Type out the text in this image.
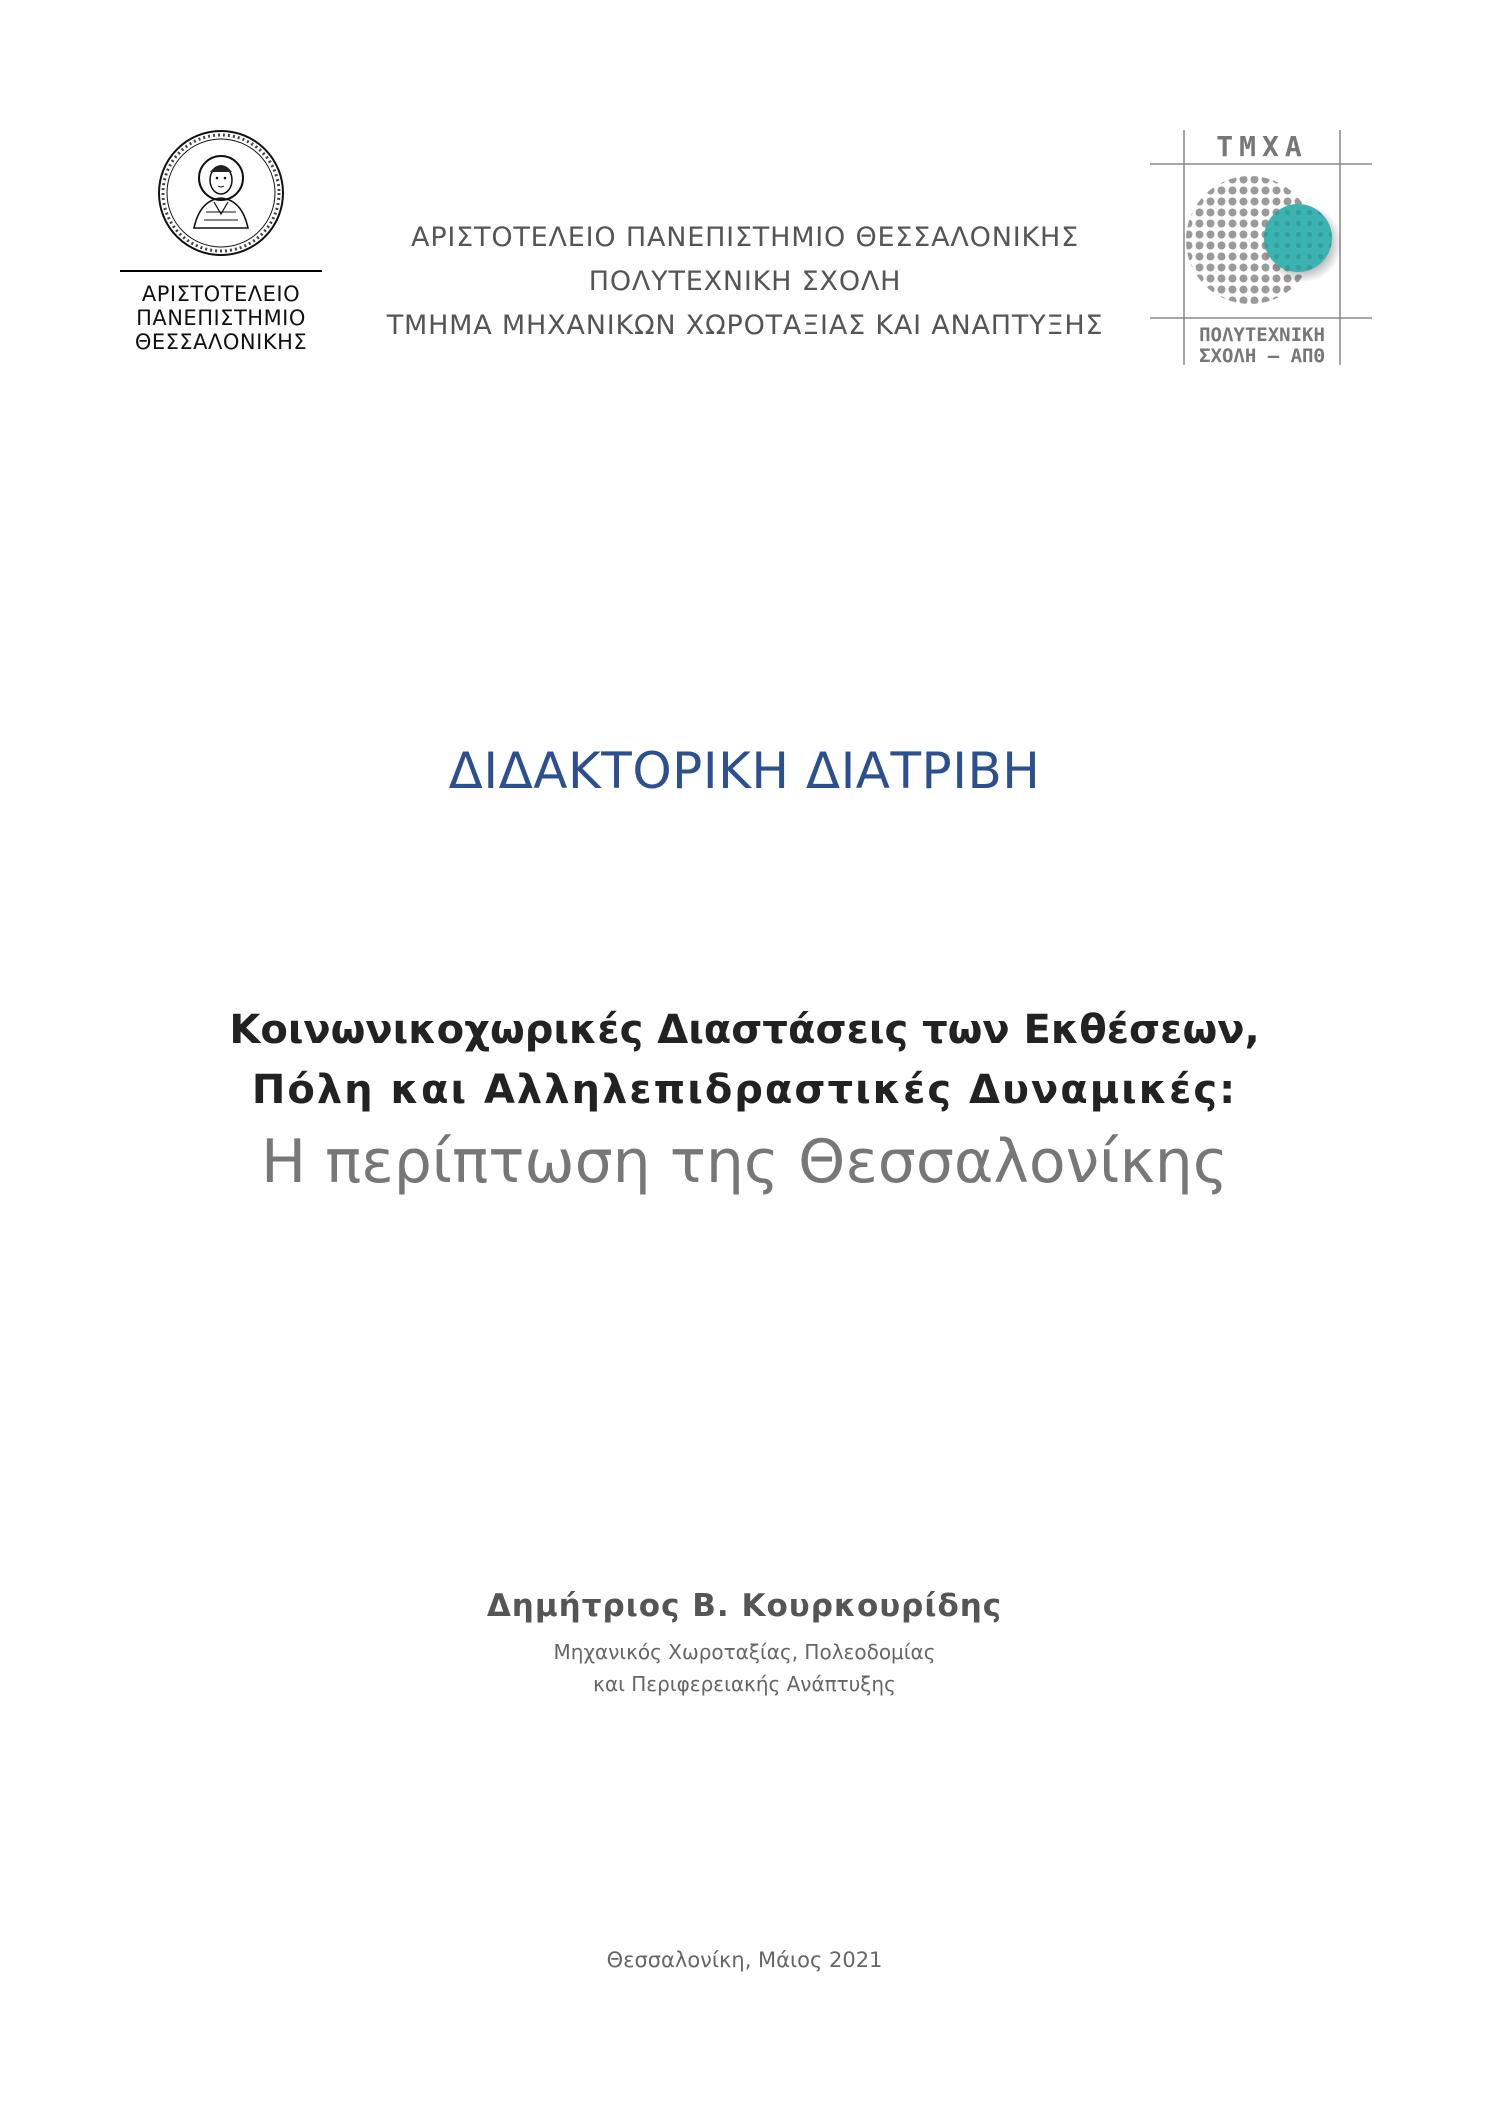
ΑΡΙΣΤΟΤΕΛΕΙΟ
ΠΑΝΕΠΙΣΤΗΜΙΟ
ΘΕΣΣΑΛΟΝΙΚΗΣ
ΑΡΙΣΤΟΤΕΛΕΙΟ ΠΑΝΕΠΙΣΤΗΜΙΟ ΘΕΣΣΑΛΟΝΙΚΗΣ
ΠΟΛΥΤΕΧΝΙΚΗ ΣΧΟΛΗ
ΤΜΗΜΑ ΜΗΧΑΝΙΚΩΝ ΧΩΡΟΤΑΞΙΑΣ ΚΑΙ ΑΝΑΠΤΥΞΗΣ
ΤΜΧΑ
ΠΟΛΥΤΕΧΝΙΚΗ
ΣΧΟΛΗ – ΑΠΘ
ΔΙΔΑΚΤΟΡΙΚΗ ΔΙΑΤΡΙΒΗ
Κοινωνικοχωρικές Διαστάσεις των Εκθέσεων,
Πόλη και Αλληλεπιδραστικές Δυναμικές:
Η περίπτωση της Θεσσαλονίκης
Δημήτριος Β. Κουρκουρίδης
Μηχανικός Χωροταξίας, Πολεοδομίας
και Περιφερειακής Ανάπτυξης
Θεσσαλονίκη, Μάιος 2021
